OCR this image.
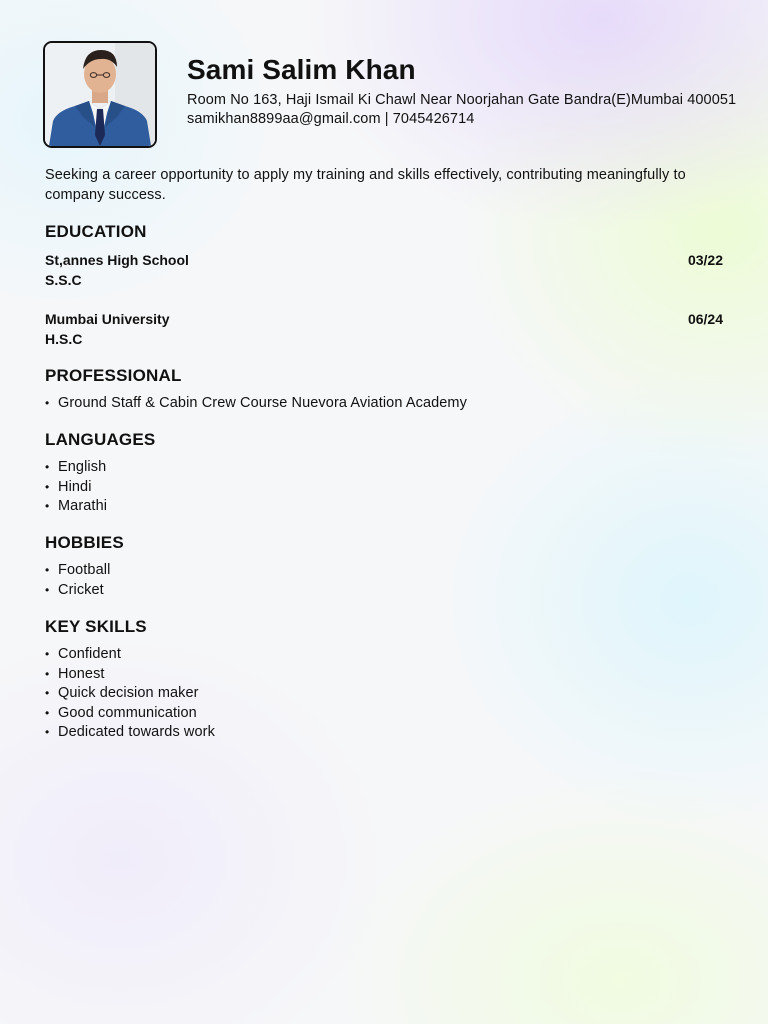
Sami Salim Khan
Room No 163, Haji Ismail Ki Chawl Near Noorjahan Gate Bandra(E)Mumbai 400051
samikhan8899aa@gmail.com | 7045426714

Seeking a career opportunity to apply my training and skills effectively, contributing meaningfully to company success.

EDUCATION
St,annes High School	03/22
S.S.C
Mumbai University	06/24
H.S.C
PROFESSIONAL
• Ground Staff & Cabin Crew Course Nuevora Aviation Academy
LANGUAGES
• English
• Hindi
• Marathi
HOBBIES
• Football
• Cricket
KEY SKILLS
• Confident
• Honest
• Quick decision maker
• Good communication
• Dedicated towards work
